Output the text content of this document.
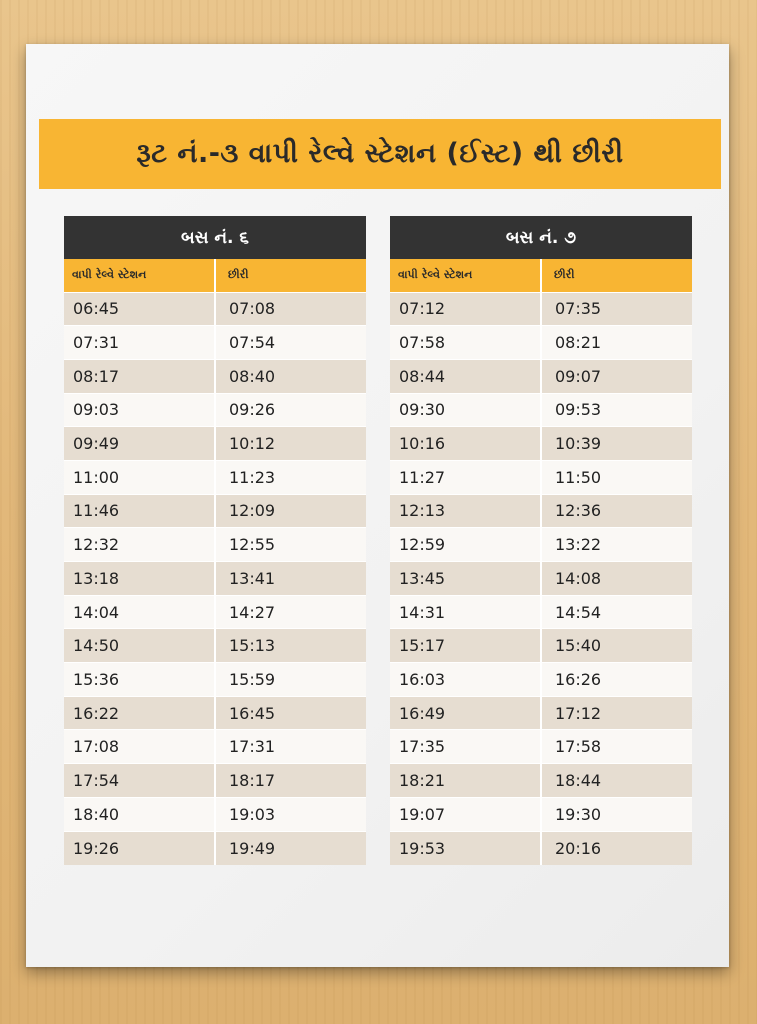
રૂટ નં.-૩ વાપી રેલ્વે સ્ટેશન (ઈસ્ટ) થી છીરી
બસ નં. ૬	
વાપી રેલ્વે સ્ટેશન	છીરી
06:45	07:08
07:31	07:54
08:17	08:40
09:03	09:26
09:49	10:12
11:00	11:23
11:46	12:09
12:32	12:55
13:18	13:41
14:04	14:27
14:50	15:13
15:36	15:59
16:22	16:45
17:08	17:31
17:54	18:17
18:40	19:03
19:26	19:49
બસ નં. ૭	
વાપી રેલ્વે સ્ટેશન	છીરી
07:12	07:35
07:58	08:21
08:44	09:07
09:30	09:53
10:16	10:39
11:27	11:50
12:13	12:36
12:59	13:22
13:45	14:08
14:31	14:54
15:17	15:40
16:03	16:26
16:49	17:12
17:35	17:58
18:21	18:44
19:07	19:30
19:53	20:16
